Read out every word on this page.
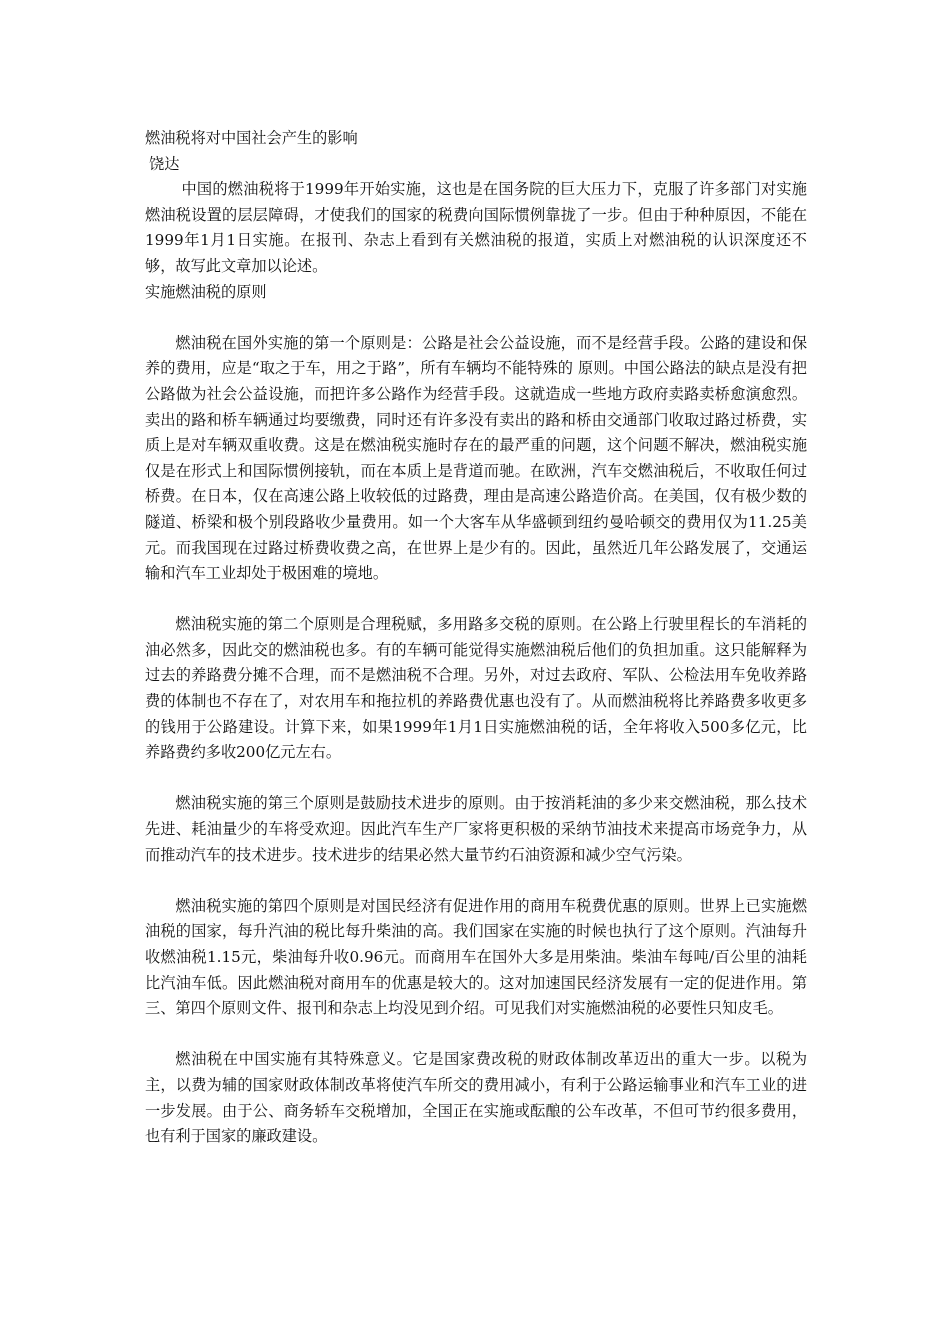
燃油税将对中国社会产生的影响

饶达

中国的燃油税将于1999年开始实施，这也是在国务院的巨大压力下，克服了许多部门对实施燃油税设置的层层障碍，才使我们的国家的税费向国际惯例靠拢了一步。但由于种种原因，不能在1999年1月1日实施。在报刊、杂志上看到有关燃油税的报道，实质上对燃油税的认识深度还不够，故写此文章加以论述。

实施燃油税的原则

燃油税在国外实施的第一个原则是：公路是社会公益设施，而不是经营手段。公路的建设和保养的费用，应是“取之于车，用之于路”，所有车辆均不能特殊的 原则。中国公路法的缺点是没有把公路做为社会公益设施，而把许多公路作为经营手段。这就造成一些地方政府卖路卖桥愈演愈烈。卖出的路和桥车辆通过均要缴费，同时还有许多没有卖出的路和桥由交通部门收取过路过桥费，实质上是对车辆双重收费。这是在燃油税实施时存在的最严重的问题，这个问题不解决，燃油税实施仅是在形式上和国际惯例接轨，而在本质上是背道而驰。在欧洲，汽车交燃油税后，不收取任何过桥费。在日本，仅在高速公路上收较低的过路费，理由是高速公路造价高。在美国，仅有极少数的隧道、桥梁和极个别段路收少量费用。如一个大客车从华盛顿到纽约曼哈顿交的费用仅为11.25美元。而我国现在过路过桥费收费之高，在世界上是少有的。因此，虽然近几年公路发展了，交通运输和汽车工业却处于极困难的境地。

燃油税实施的第二个原则是合理税赋，多用路多交税的原则。在公路上行驶里程长的车消耗的油必然多，因此交的燃油税也多。有的车辆可能觉得实施燃油税后他们的负担加重。这只能解释为过去的养路费分摊不合理，而不是燃油税不合理。另外，对过去政府、军队、公检法用车免收养路费的体制也不存在了，对农用车和拖拉机的养路费优惠也没有了。从而燃油税将比养路费多收更多的钱用于公路建设。计算下来，如果1999年1月1日实施燃油税的话，全年将收入500多亿元，比养路费约多收200亿元左右。

燃油税实施的第三个原则是鼓励技术进步的原则。由于按消耗油的多少来交燃油税，那么技术先进、耗油量少的车将受欢迎。因此汽车生产厂家将更积极的采纳节油技术来提高市场竞争力，从而推动汽车的技术进步。技术进步的结果必然大量节约石油资源和减少空气污染。

燃油税实施的第四个原则是对国民经济有促进作用的商用车税费优惠的原则。世界上已实施燃油税的国家，每升汽油的税比每升柴油的高。我们国家在实施的时候也执行了这个原则。汽油每升收燃油税1.15元，柴油每升收0.96元。而商用车在国外大多是用柴油。柴油车每吨/百公里的油耗比汽油车低。因此燃油税对商用车的优惠是较大的。这对加速国民经济发展有一定的促进作用。第三、第四个原则文件、报刊和杂志上均没见到介绍。可见我们对实施燃油税的必要性只知皮毛。

燃油税在中国实施有其特殊意义。它是国家费改税的财政体制改革迈出的重大一步。以税为主，以费为辅的国家财政体制改革将使汽车所交的费用减小，有利于公路运输事业和汽车工业的进一步发展。由于公、商务轿车交税增加，全国正在实施或酝酿的公车改革，不但可节约很多费用，也有利于国家的廉政建设。
